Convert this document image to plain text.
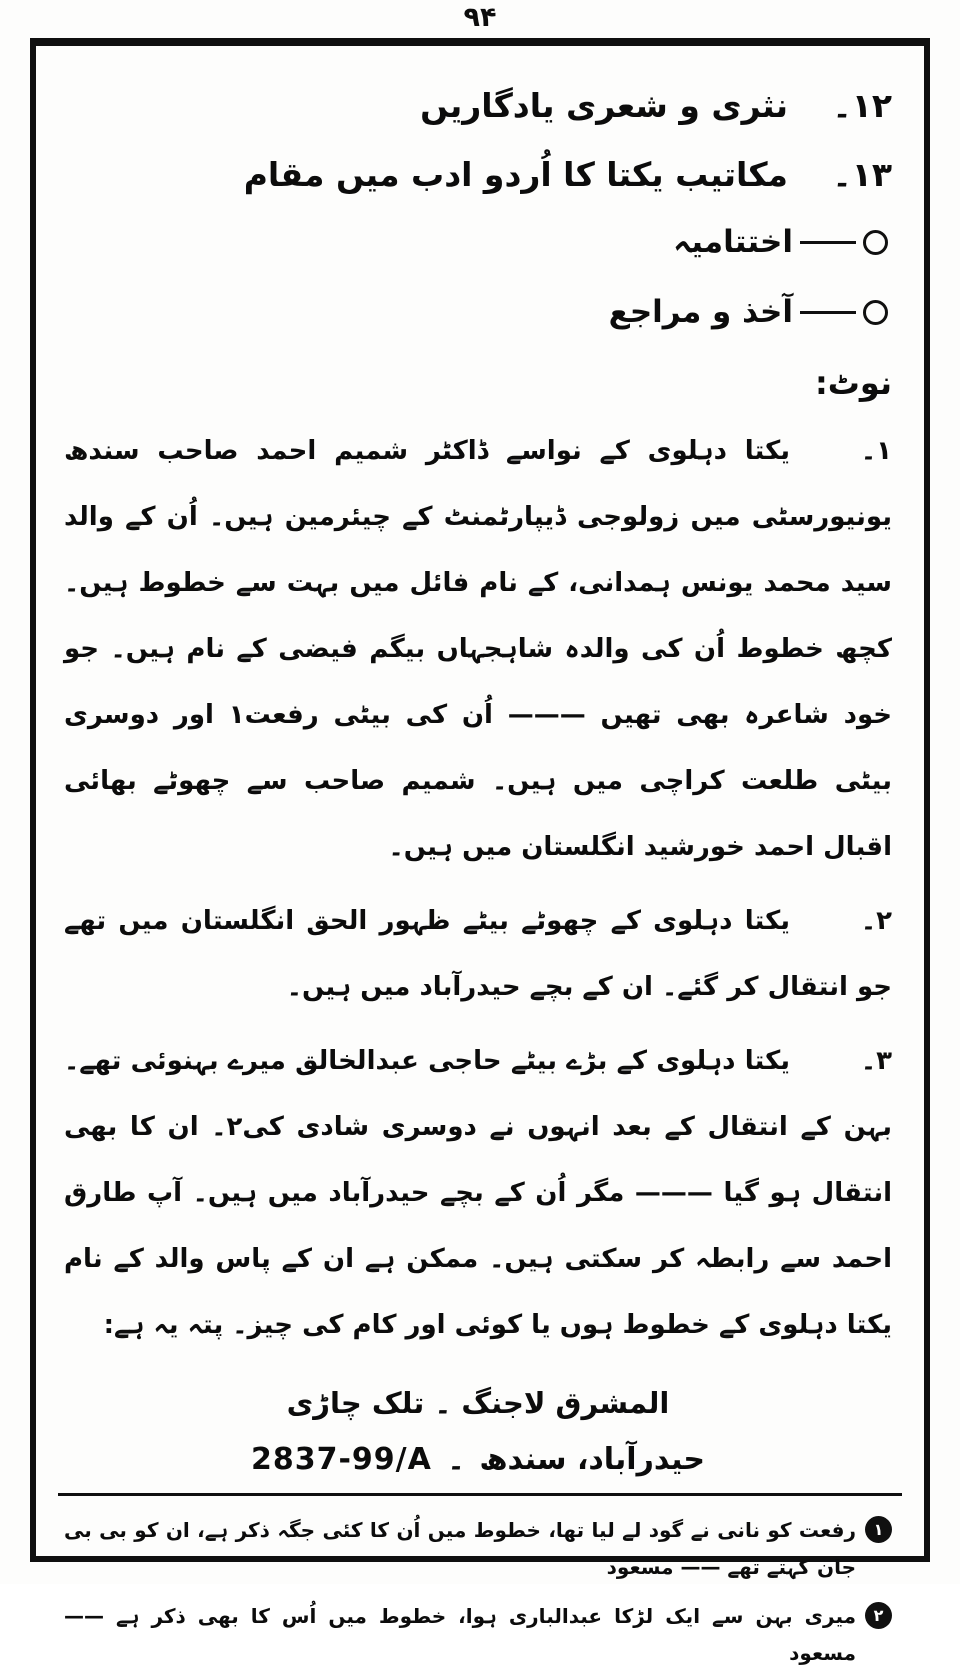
۹۴
۱۲۔
نثری و شعری یادگاریں
۱۳۔
مکاتیب یکتا کا اُردو ادب میں مقام
اختتامیہ
آخذ و مراجع
نوٹ:
۱۔

یکتا دہلوی کے نواسے ڈاکٹر شمیم احمد صاحب سندھ یونیورسٹی میں زولوجی ڈیپارٹمنٹ کے چیئرمین ہیں۔ اُن کے والد سید محمد یونس ہمدانی، کے نام فائل میں بہت سے خطوط ہیں۔ کچھ خطوط اُن کی والدہ شاہجہاں بیگم فیضی کے نام ہیں۔ جو خود شاعرہ بھی تھیں ——— اُن کی بیٹی رفعت۱ اور دوسری بیٹی طلعت کراچی میں ہیں۔ شمیم صاحب سے چھوٹے بھائی اقبال احمد خورشید انگلستان میں ہیں۔

۲۔

یکتا دہلوی کے چھوٹے بیٹے ظہور الحق انگلستان میں تھے جو انتقال کر گئے۔ ان کے بچے حیدرآباد میں ہیں۔

۳۔

یکتا دہلوی کے بڑے بیٹے حاجی عبدالخالق میرے بہنوئی تھے۔ بہن کے انتقال کے بعد انہوں نے دوسری شادی کی۲۔ ان کا بھی انتقال ہو گیا ——— مگر اُن کے بچے حیدرآباد میں ہیں۔ آپ طارق احمد سے رابطہ کر سکتی ہیں۔ ممکن ہے ان کے پاس والد کے نام یکتا دہلوی کے خطوط ہوں یا کوئی اور کام کی چیز۔ پتہ یہ ہے:

المشرق لاجنگ ۔ تلک چاڑی
2837-99/A ۔ حیدرآباد، سندھ
۱
رفعت کو نانی نے گود لے لیا تھا، خطوط میں اُن کا کئی جگہ ذکر ہے، ان کو بی بی جان کہتے تھے —— مسعود
۲
میری بہن سے ایک لڑکا عبدالباری ہوا، خطوط میں اُس کا بھی ذکر ہے —— مسعود
